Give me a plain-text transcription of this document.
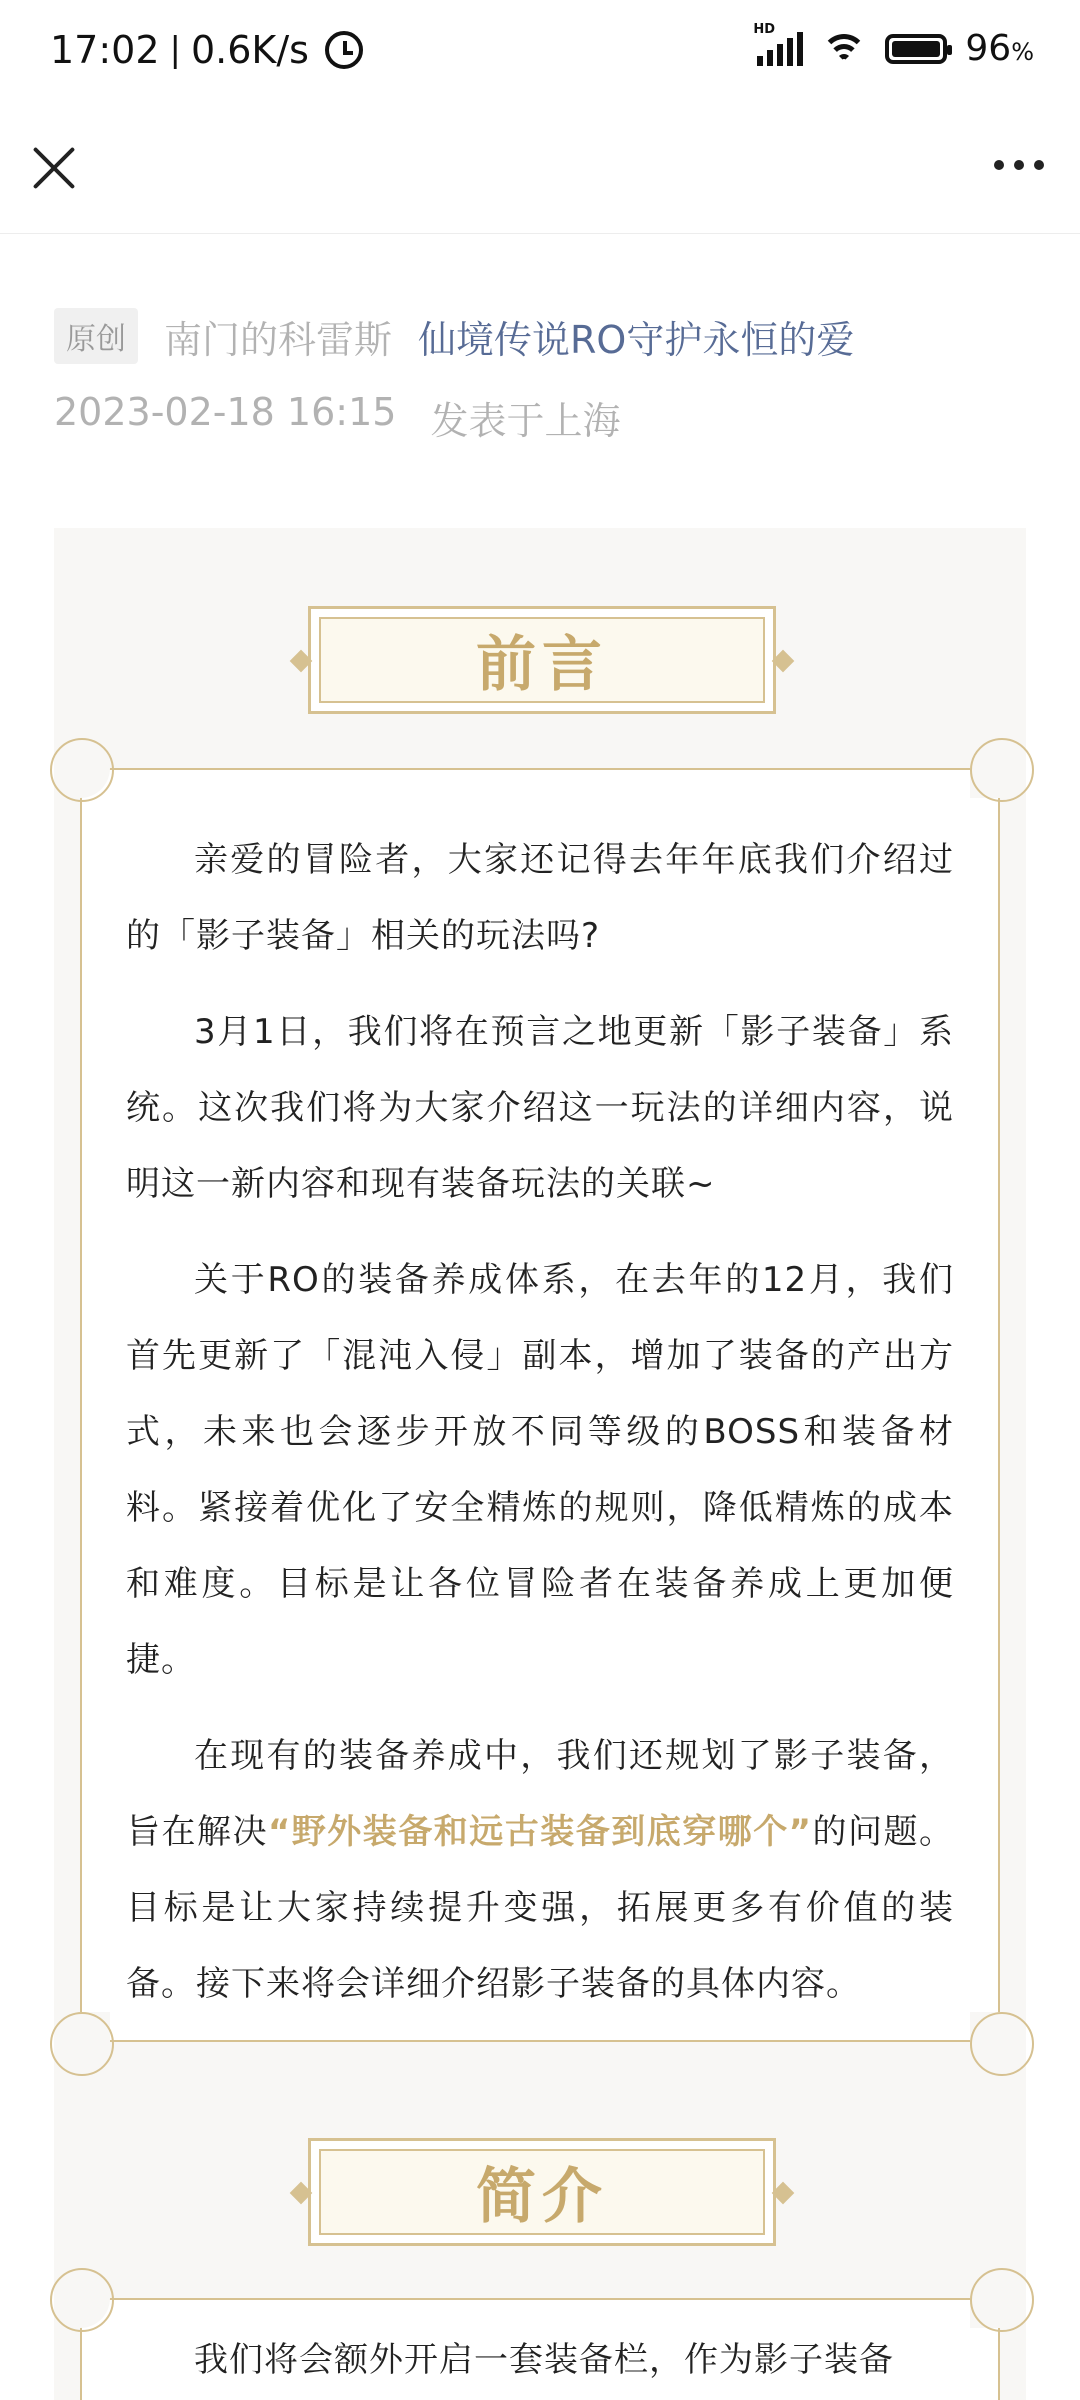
17:02 | 0.6K/s	HD	96%
原创	南门的科雷斯 仙境传说RO守护永恒的爱
2023-02-18 16:15 发表于上海
前言

亲爱的冒险者，大家还记得去年年底我们介绍过的「影子装备」相关的玩法吗?

3月1日，我们将在预言之地更新「影子装备」系统。这次我们将为大家介绍这一玩法的详细内容，说明这一新内容和现有装备玩法的关联~

关于RO的装备养成体系，在去年的12月，我们首先更新了「混沌入侵」副本，增加了装备的产出方式，未来也会逐步开放不同等级的BOSS和装备材料。紧接着优化了安全精炼的规则，降低精炼的成本和难度。目标是让各位冒险者在装备养成上更加便捷。

在现有的装备养成中，我们还规划了影子装备，旨在解决“野外装备和远古装备到底穿哪个”的问题。目标是让大家持续提升变强，拓展更多有价值的装备。接下来将会详细介绍影子装备的具体内容。

简介

我们将会额外开启一套装备栏，作为影子装备
